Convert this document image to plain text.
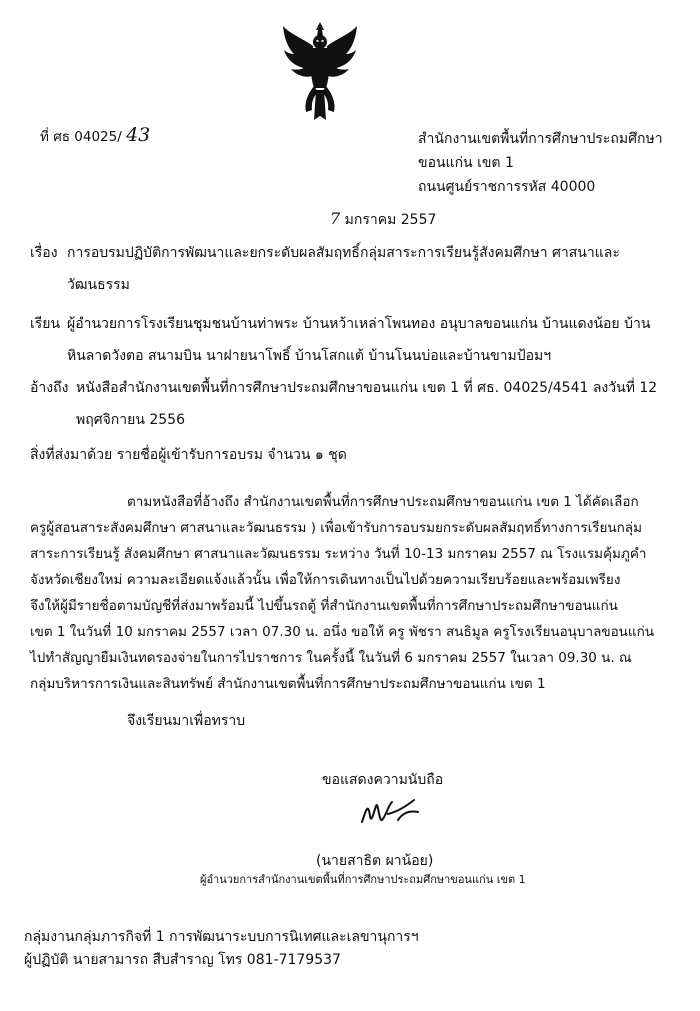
ที่ ศธ 04025/ 43	สำนักงานเขตพื้นที่การศึกษาประถมศึกษา
ขอนแก่น เขต 1
ถนนศูนย์ราชการรหัส 40000
7 มกราคม 2557
เรื่อง การอบรมปฏิบัติการพัฒนาและยกระดับผลสัมฤทธิ์กลุ่มสาระการเรียนรู้สังคมศึกษา ศาสนาและ
วัฒนธรรม
เรียน ผู้อำนวยการโรงเรียนชุมชนบ้านท่าพระ บ้านหว้าเหล่าโพนทอง อนุบาลขอนแก่น บ้านแดงน้อย บ้าน
หินลาดวังตอ สนามบิน นาฝายนาโพธิ์ บ้านโสกแต้ บ้านโนนบ่อและบ้านขามป้อมฯ
อ้างถึง หนังสือสำนักงานเขตพื้นที่การศึกษาประถมศึกษาขอนแก่น เขต 1 ที่ ศธ. 04025/4541 ลงวันที่ 12
พฤศจิกายน 2556
สิ่งที่ส่งมาด้วย รายชื่อผู้เข้ารับการอบรม จำนวน ๑ ชุด
ตามหนังสือที่อ้างถึง สำนักงานเขตพื้นที่การศึกษาประถมศึกษาขอนแก่น เขต 1 ได้คัดเลือก
ครูผู้สอนสาระสังคมศึกษา ศาสนาและวัฒนธรรม ) เพื่อเข้ารับการอบรมยกระดับผลสัมฤทธิ์ทางการเรียนกลุ่ม
สาระการเรียนรู้ สังคมศึกษา ศาสนาและวัฒนธรรม ระหว่าง วันที่ 10-13 มกราคม 2557 ณ โรงแรมคุ้มภูคำ
จังหวัดเชียงใหม่ ความละเอียดแจ้งแล้วนั้น เพื่อให้การเดินทางเป็นไปด้วยความเรียบร้อยและพร้อมเพรียง
จึงให้ผู้มีรายชื่อตามบัญชีที่ส่งมาพร้อมนี้ ไปขึ้นรถตู้ ที่สำนักงานเขตพื้นที่การศึกษาประถมศึกษาขอนแก่น
เขต 1 ในวันที่ 10 มกราคม 2557 เวลา 07.30 น. อนึ่ง ขอให้ ครู พัชรา สนธิมูล ครูโรงเรียนอนุบาลขอนแก่น
ไปทำสัญญายืมเงินทดรองจ่ายในการไปราชการ ในครั้งนี้ ในวันที่ 6 มกราคม 2557 ในเวลา 09.30 น. ณ
กลุ่มบริหารการเงินและสินทรัพย์ สำนักงานเขตพื้นที่การศึกษาประถมศึกษาขอนแก่น เขต 1
จึงเรียนมาเพื่อทราบ
ขอแสดงความนับถือ
(นายสาธิต ผาน้อย)
ผู้อำนวยการสำนักงานเขตพื้นที่การศึกษาประถมศึกษาขอนแก่น เขต 1
กลุ่มงานกลุ่มภารกิจที่ 1 การพัฒนาระบบการนิเทศและเลขานุการฯ
ผู้ปฏิบัติ นายสามารถ สืบสำราญ โทร 081-7179537
